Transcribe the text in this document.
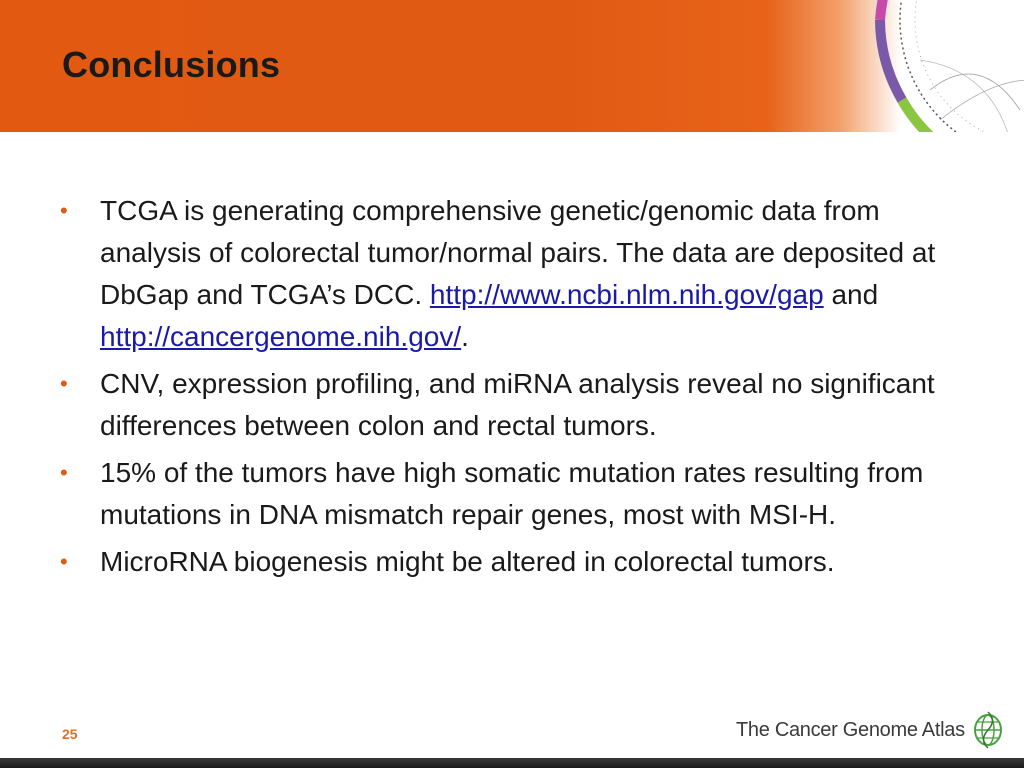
Conclusions
• TCGA is generating comprehensive genetic/genomic data from analysis of colorectal tumor/normal pairs. The data are deposited at DbGap and TCGA’s DCC. http://www.ncbi.nlm.nih.gov/gap and http://cancergenome.nih.gov/.
• CNV, expression profiling, and miRNA analysis reveal no significant differences between colon and rectal tumors.
• 15% of the tumors have high somatic mutation rates resulting from mutations in DNA mismatch repair genes, most with MSI-H.
• MicroRNA biogenesis might be altered in colorectal tumors.
25	The Cancer Genome Atlas
